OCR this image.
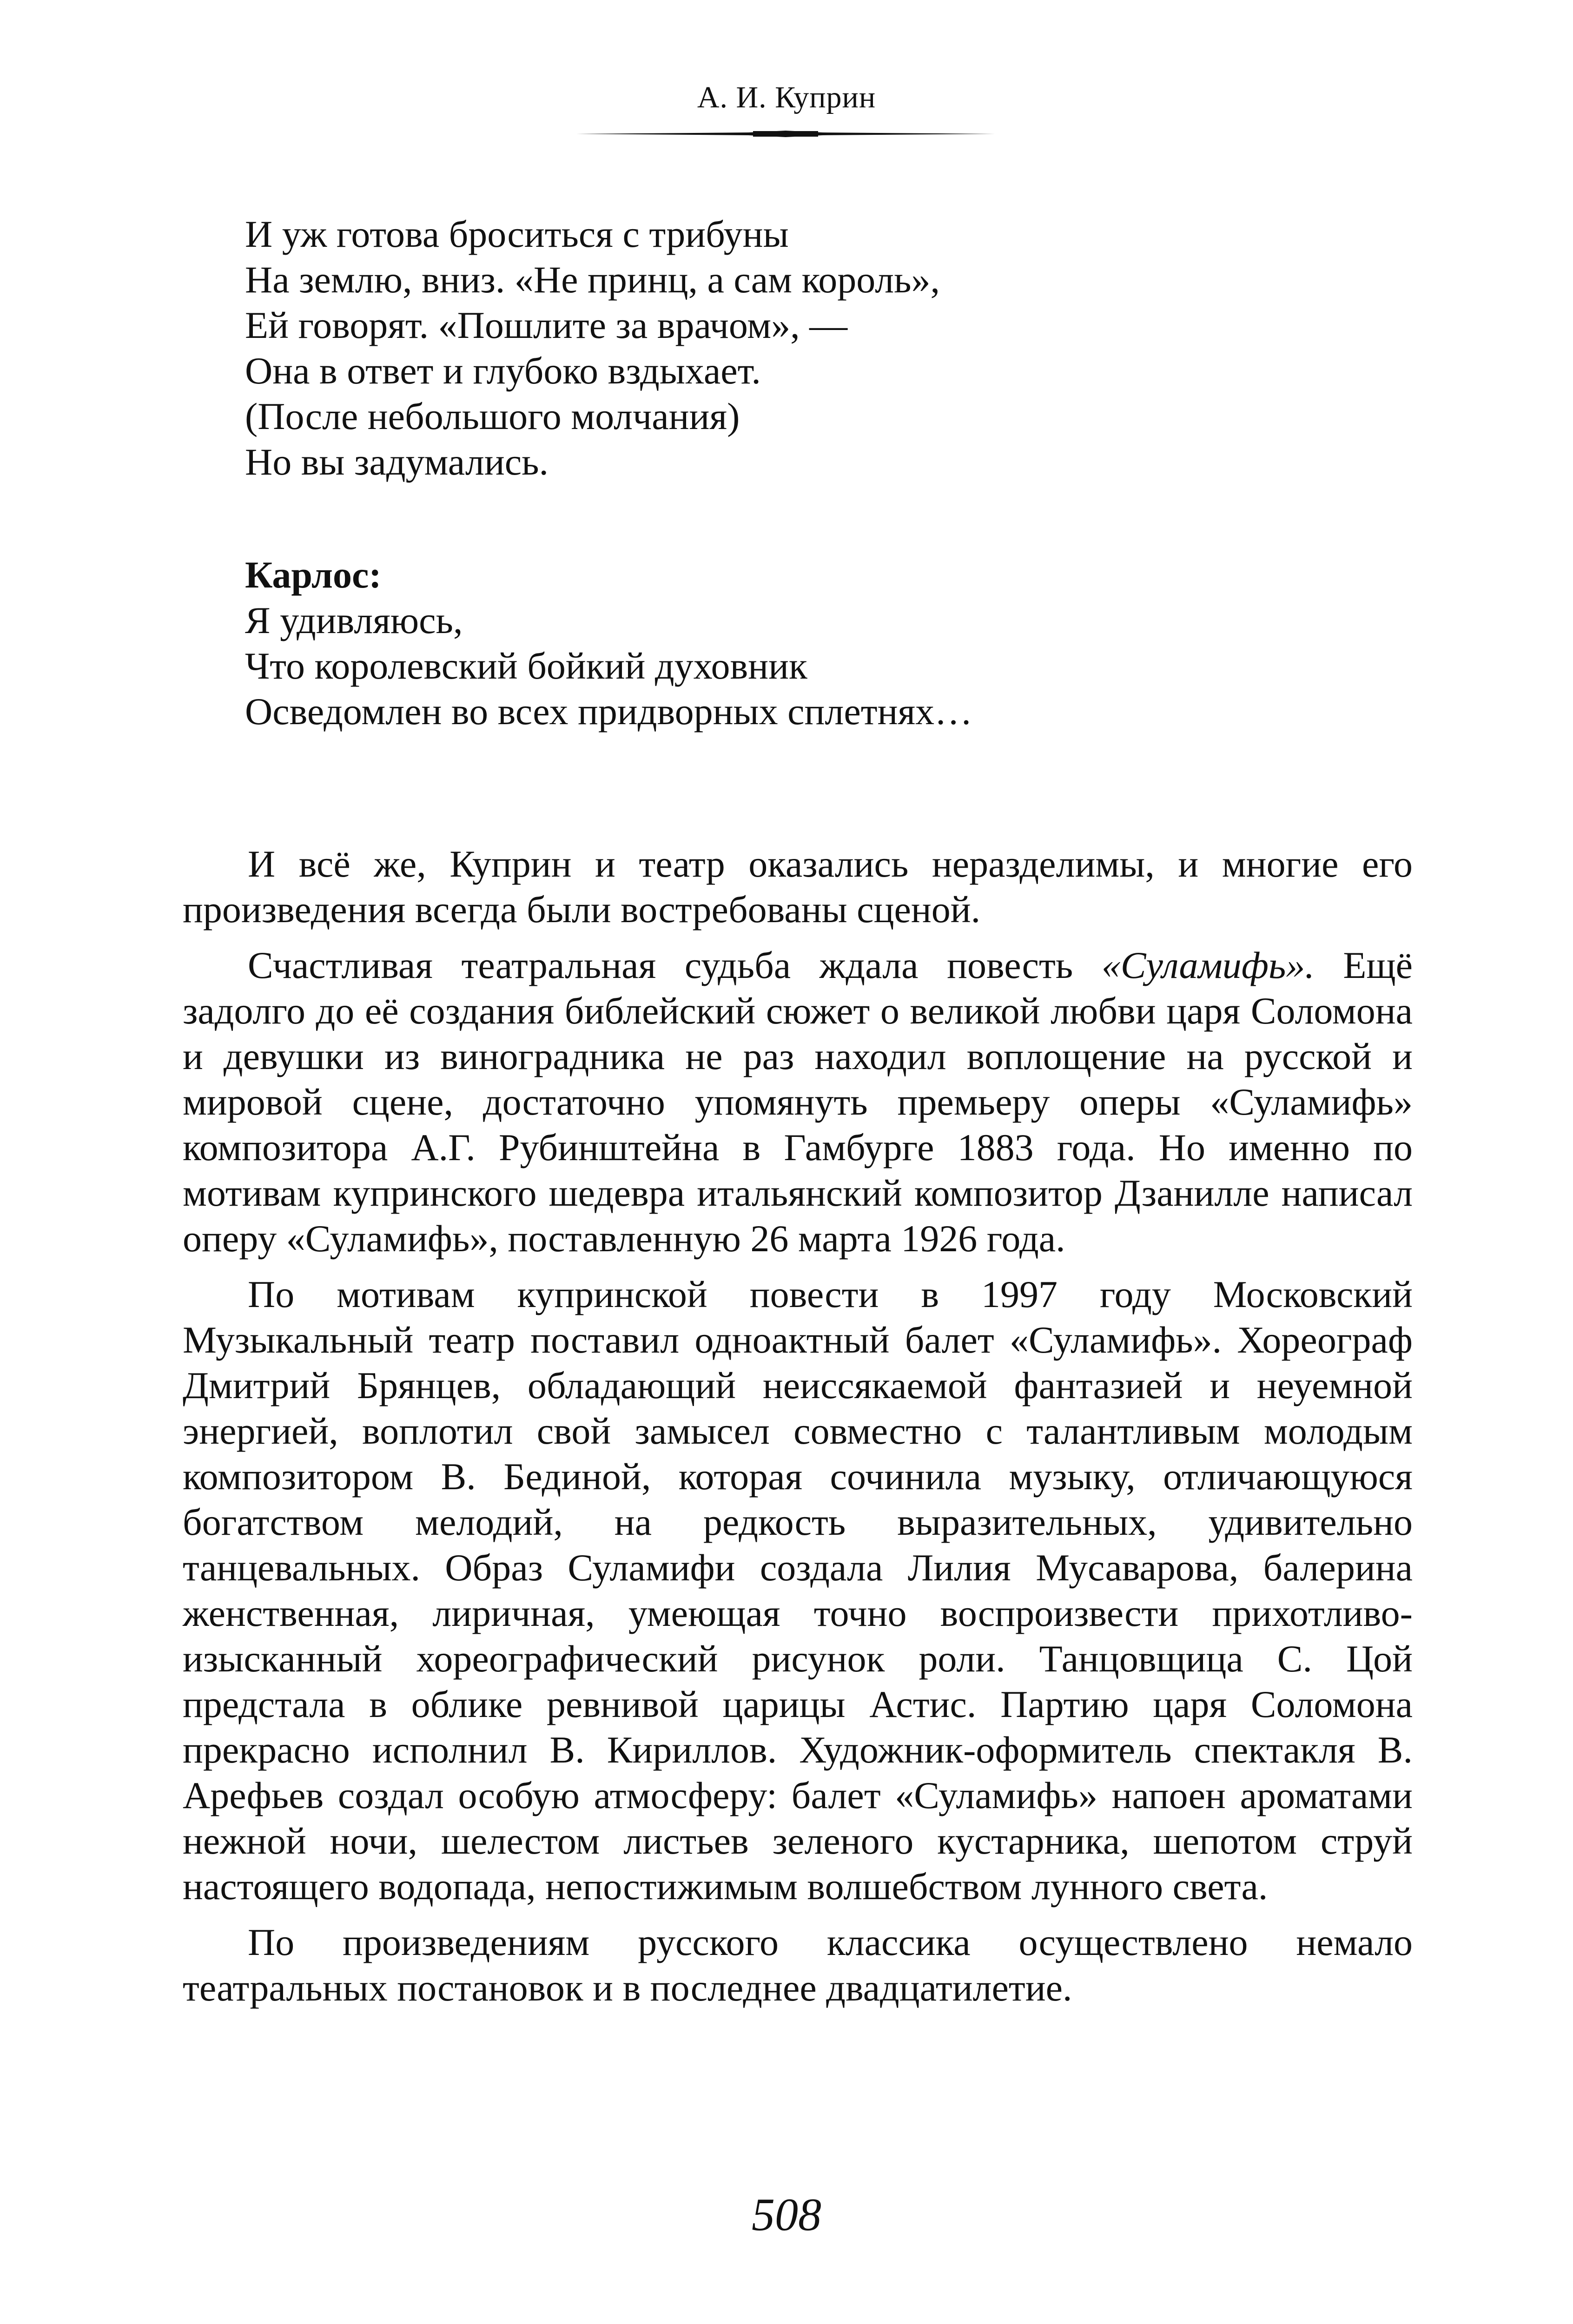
А. И. Куприн
И уж готова броситься с трибуны
На землю, вниз. «Не принц, а сам король»,
Ей говорят. «Пошлите за врачом», —
Она в ответ и глубоко вздыхает.
(После небольшого молчания)
Но вы задумались.
Карлос:
Я удивляюсь,
Что королевский бойкий духовник
Осведомлен во всех придворных сплетнях…

И всё же, Куприн и театр оказались неразделимы, и многие его произведения всегда были востребованы сценой.

Счастливая театральная судьба ждала повесть «Суламифь». Ещё задолго до её создания библейский сюжет о великой любви царя Соломона и девушки из виноградника не раз находил воплощение на русской и мировой сцене, достаточно упомянуть премьеру оперы «Суламифь» композитора А.Г. Рубинштейна в Гамбурге 1883 года. Но именно по мотивам купринского шедевра итальянский композитор Дзанилле написал оперу «Суламифь», поставленную 26 марта 1926 года.

По мотивам купринской повести в 1997 году Московский Музыкальный театр поставил одноактный балет «Суламифь». Хореограф Дмитрий Брянцев, обладающий неиссякаемой фантазией и неуемной энергией, воплотил свой замысел совместно с талантливым молодым композитором В. Бединой, которая сочинила музыку, отличающуюся богатством мелодий, на редкость выразительных, удивительно танцевальных. Образ Суламифи создала Лилия Мусаварова, балерина женственная, лиричная, умеющая точно воспроизвести прихотливо-изысканный хореографический рисунок роли. Танцовщица С. Цой предстала в облике ревнивой царицы Астис. Партию царя Соломона прекрасно исполнил В. Кириллов. Художник-оформитель спектакля В. Арефьев создал особую атмосферу: балет «Суламифь» напоен ароматами нежной ночи, шелестом листьев зеленого кустарника, шепотом струй настоящего водопада, непостижимым волшебством лунного света.

По произведениям русского классика осуществлено немало театральных постановок и в последнее двадцатилетие.

508
